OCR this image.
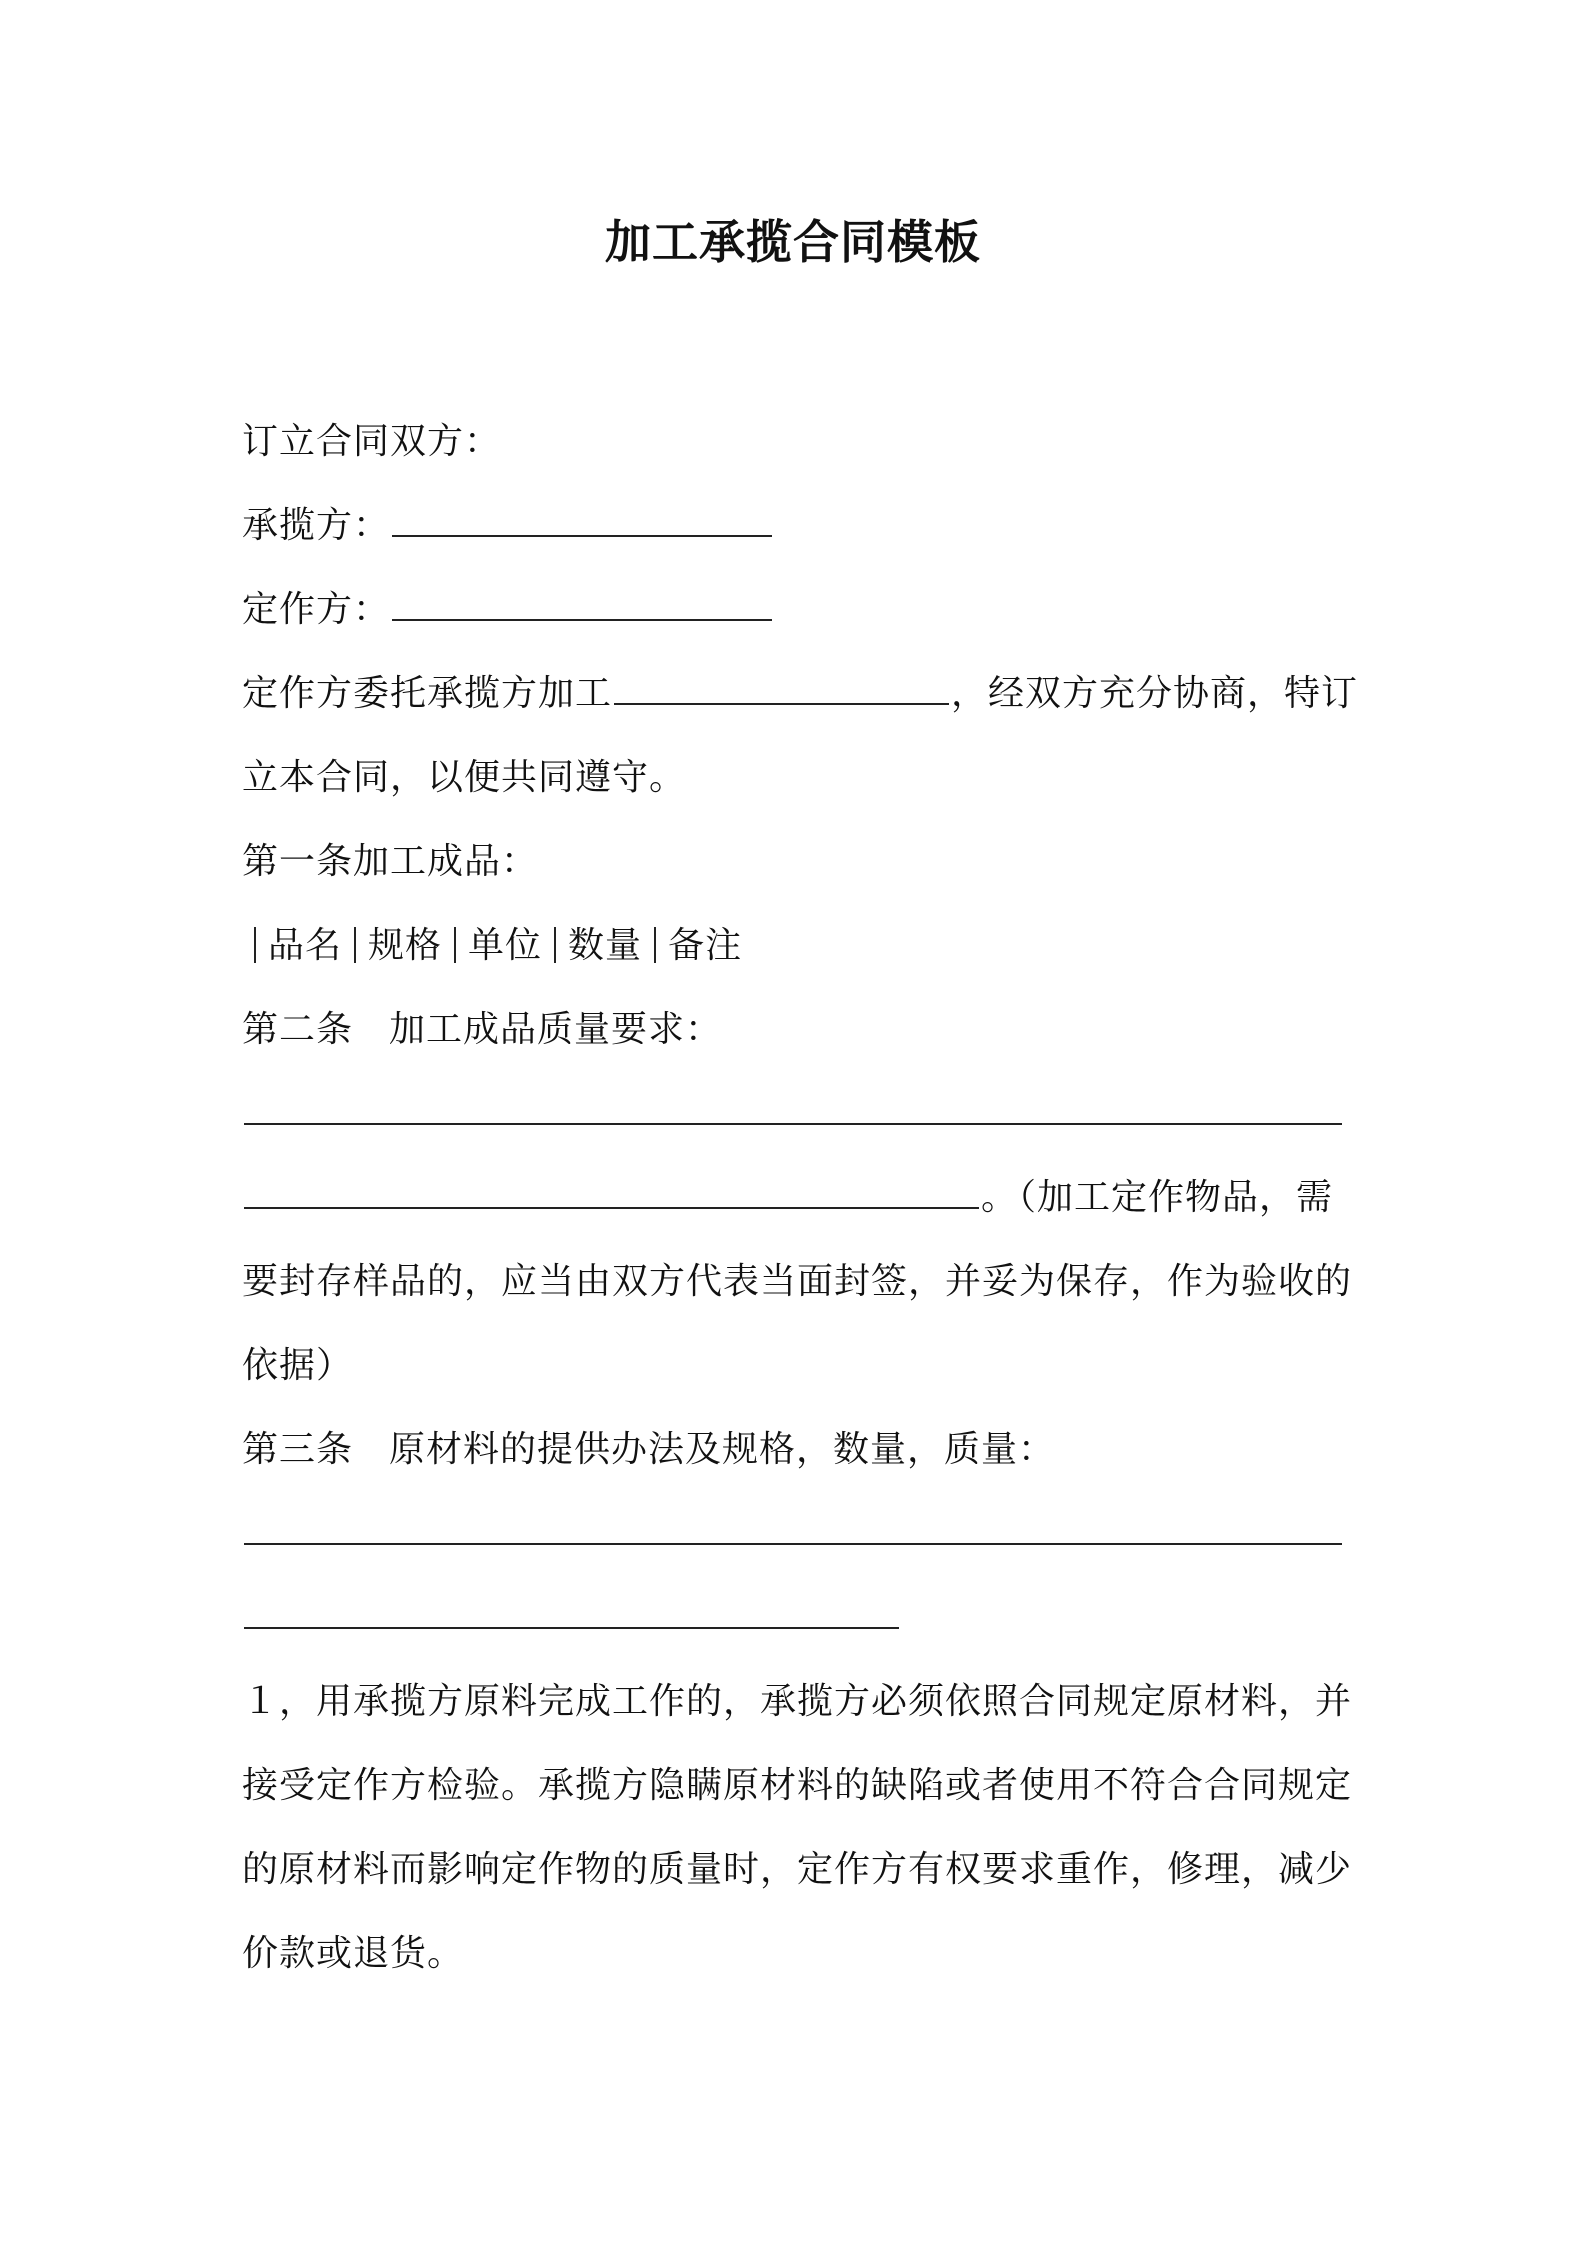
加工承揽合同模板
订立合同双方：
承揽方：
定作方：
定作方委托承揽方加工	，经双方充分协商，特订
立本合同，以便共同遵守。
第一条加工成品：
品名 规格 单位 数量 备注
第二条 加工成品质量要求：
。（加工定作物品，需
要封存样品的，应当由双方代表当面封签，并妥为保存，作为验收的
依据）
第三条 原材料的提供办法及规格，数量，质量：
１，用承揽方原料完成工作的，承揽方必须依照合同规定原材料，并
接受定作方检验。承揽方隐瞒原材料的缺陷或者使用不符合合同规定
的原材料而影响定作物的质量时，定作方有权要求重作，修理，减少
价款或退货。
